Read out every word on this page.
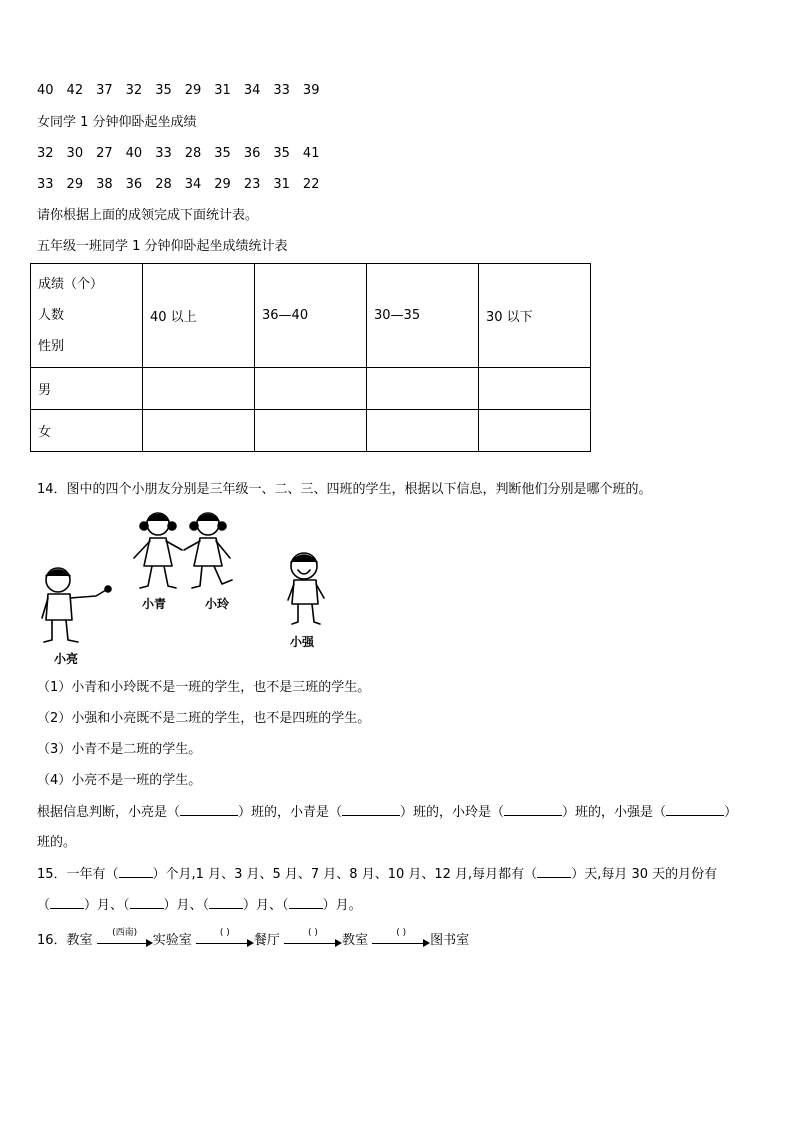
40 42 37 32 35 29 31 34 33 39
女同学 1 分钟仰卧起坐成绩
32 30 27 40 33 28 35 36 35 41
33 29 38 36 28 34 29 23 31 22
请你根据上面的成领完成下面统计表。
五年级一班同学 1 分钟仰卧起坐成绩统计表
成绩（个）
人数
性别	40 以上	36—40	30—35	30 以下
男				
女				
14．图中的四个小朋友分别是三年级一、二、三、四班的学生，根据以下信息，判断他们分别是哪个班的。
小青	小玲
小亮
小强
（1）小青和小玲既不是一班的学生，也不是三班的学生。
（2）小强和小亮既不是二班的学生，也不是四班的学生。
（3）小青不是二班的学生。
（4）小亮不是一班的学生。
根据信息判断，小亮是（	）班的，小青是（	）班的，小玲是（	）班的，小强是（	）
班的。
15．一年有（	）个月,1 月、3 月、5 月、7 月、8 月、10 月、12 月,每月都有（	）天,每月 30 天的月份有
（	）月、（	）月、（	）月、（	）月。
16．教室	(西南)	实验室	( )	餐厅	( )	教室	( )	图书室
